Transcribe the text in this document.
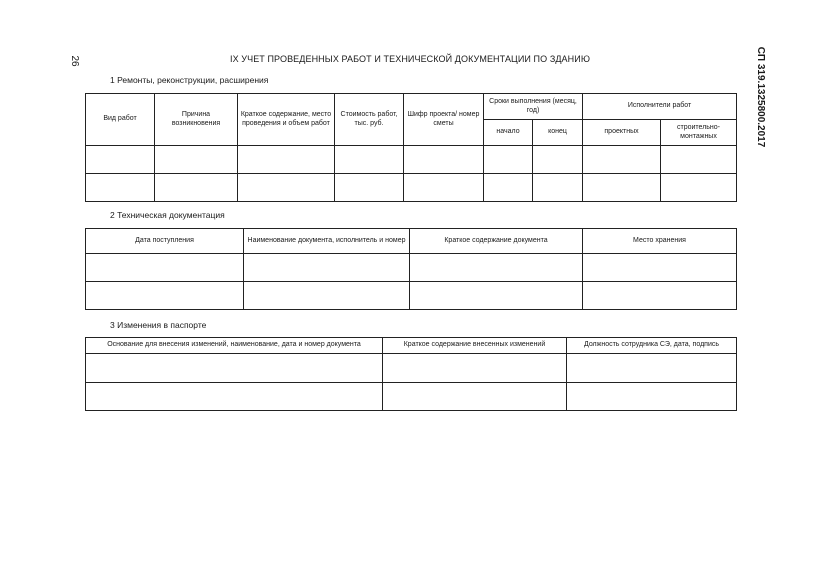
26	СП 319.1325800.2017
IX УЧЕТ ПРОВЕДЕННЫХ РАБОТ И ТЕХНИЧЕСКОЙ ДОКУМЕНТАЦИИ ПО ЗДАНИЮ
1 Ремонты, реконструкции, расширения
Вид работ	Причина возникновения	Краткое содержание, место проведения и объем работ	Стоимость работ, тыс. руб.	Шифр проекта/ номер сметы	Сроки выполнения (месяц, год)		Исполнители работ	
					начало	конец	проектных	строительно-монтажных

2 Техническая документация
Дата поступления	Наименование документа, исполнитель и номер	Краткое содержание документа	Место хранения

3 Изменения в паспорте
Основание для внесения изменений, наименование, дата и номер документа	Краткое содержание внесенных изменений	Должность сотрудника СЭ, дата, подпись
